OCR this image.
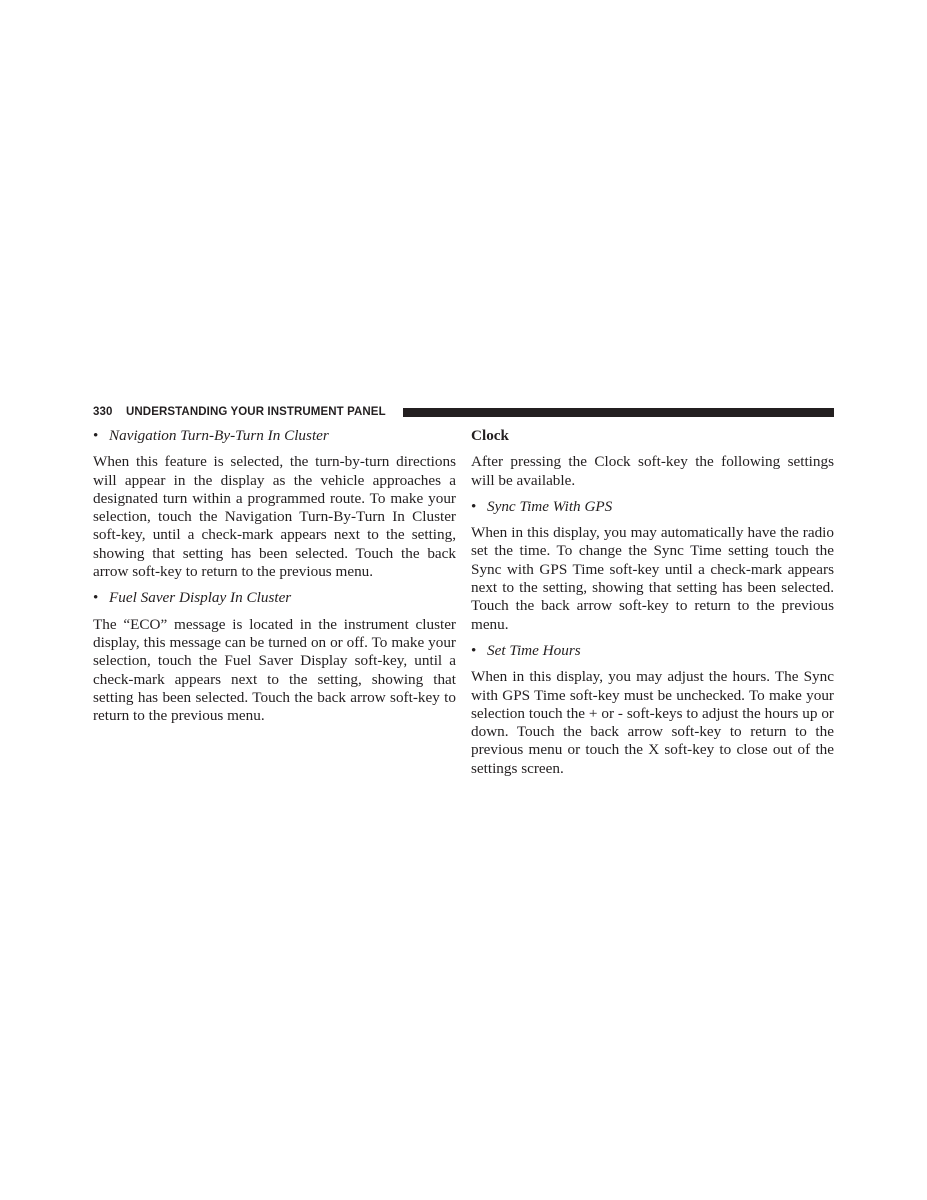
330 UNDERSTANDING YOUR INSTRUMENT PANEL

• Navigation Turn-By-Turn In Cluster

When this feature is selected, the turn-by-turn directions will appear in the display as the vehicle approaches a designated turn within a programmed route. To make your selection, touch the Navigation Turn-By-Turn In Cluster soft-key, until a check-mark appears next to the setting, showing that setting has been selected. Touch the back arrow soft-key to return to the previous menu.

• Fuel Saver Display In Cluster

The “ECO” message is located in the instrument cluster display, this message can be turned on or off. To make your selection, touch the Fuel Saver Display soft-key, until a check-mark appears next to the setting, showing that setting has been selected. Touch the back arrow soft-key to return to the previous menu.

Clock

After pressing the Clock soft-key the following settings will be available.

• Sync Time With GPS

When in this display, you may automatically have the radio set the time. To change the Sync Time setting touch the Sync with GPS Time soft-key until a check-mark appears next to the setting, showing that setting has been selected. Touch the back arrow soft-key to return to the previous menu.

• Set Time Hours

When in this display, you may adjust the hours. The Sync with GPS Time soft-key must be unchecked. To make your selection touch the + or - soft-keys to adjust the hours up or down. Touch the back arrow soft-key to return to the previous menu or touch the X soft-key to close out of the settings screen.
